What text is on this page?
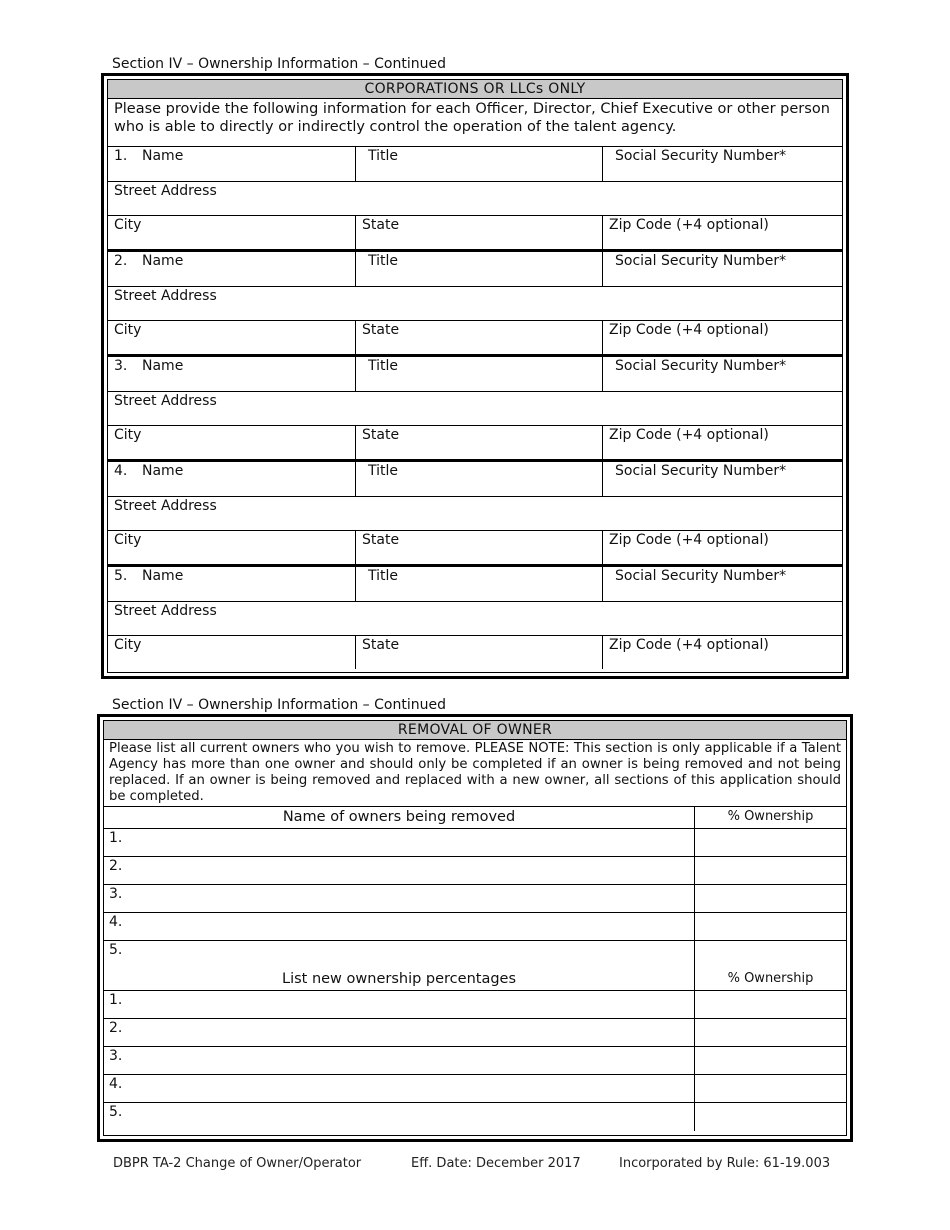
Section IV – Ownership Information – Continued
CORPORATIONS OR LLCs ONLY
Please provide the following information for each Officer, Director, Chief Executive or other person who is able to directly or indirectly control the operation of the talent agency.
1. Name	Title	Social Security Number*
Street Address
City	State	Zip Code (+4 optional)
2. Name	Title	Social Security Number*
Street Address
City	State	Zip Code (+4 optional)
3. Name	Title	Social Security Number*
Street Address
City	State	Zip Code (+4 optional)
4. Name	Title	Social Security Number*
Street Address
City	State	Zip Code (+4 optional)
5. Name	Title	Social Security Number*
Street Address
City	State	Zip Code (+4 optional)
Section IV – Ownership Information – Continued
REMOVAL OF OWNER
Please list all current owners who you wish to remove. PLEASE NOTE: This section is only applicable if a Talent Agency has more than one owner and should only be completed if an owner is being removed and not being replaced. If an owner is being removed and replaced with a new owner, all sections of this application should be completed.
Name of owners being removed	% Ownership
1.
2.
3.
4.
5.
List new ownership percentages	% Ownership
1.
2.
3.
4.
5.
DBPR TA-2 Change of Owner/Operator	Eff. Date: December 2017	Incorporated by Rule: 61-19.003
